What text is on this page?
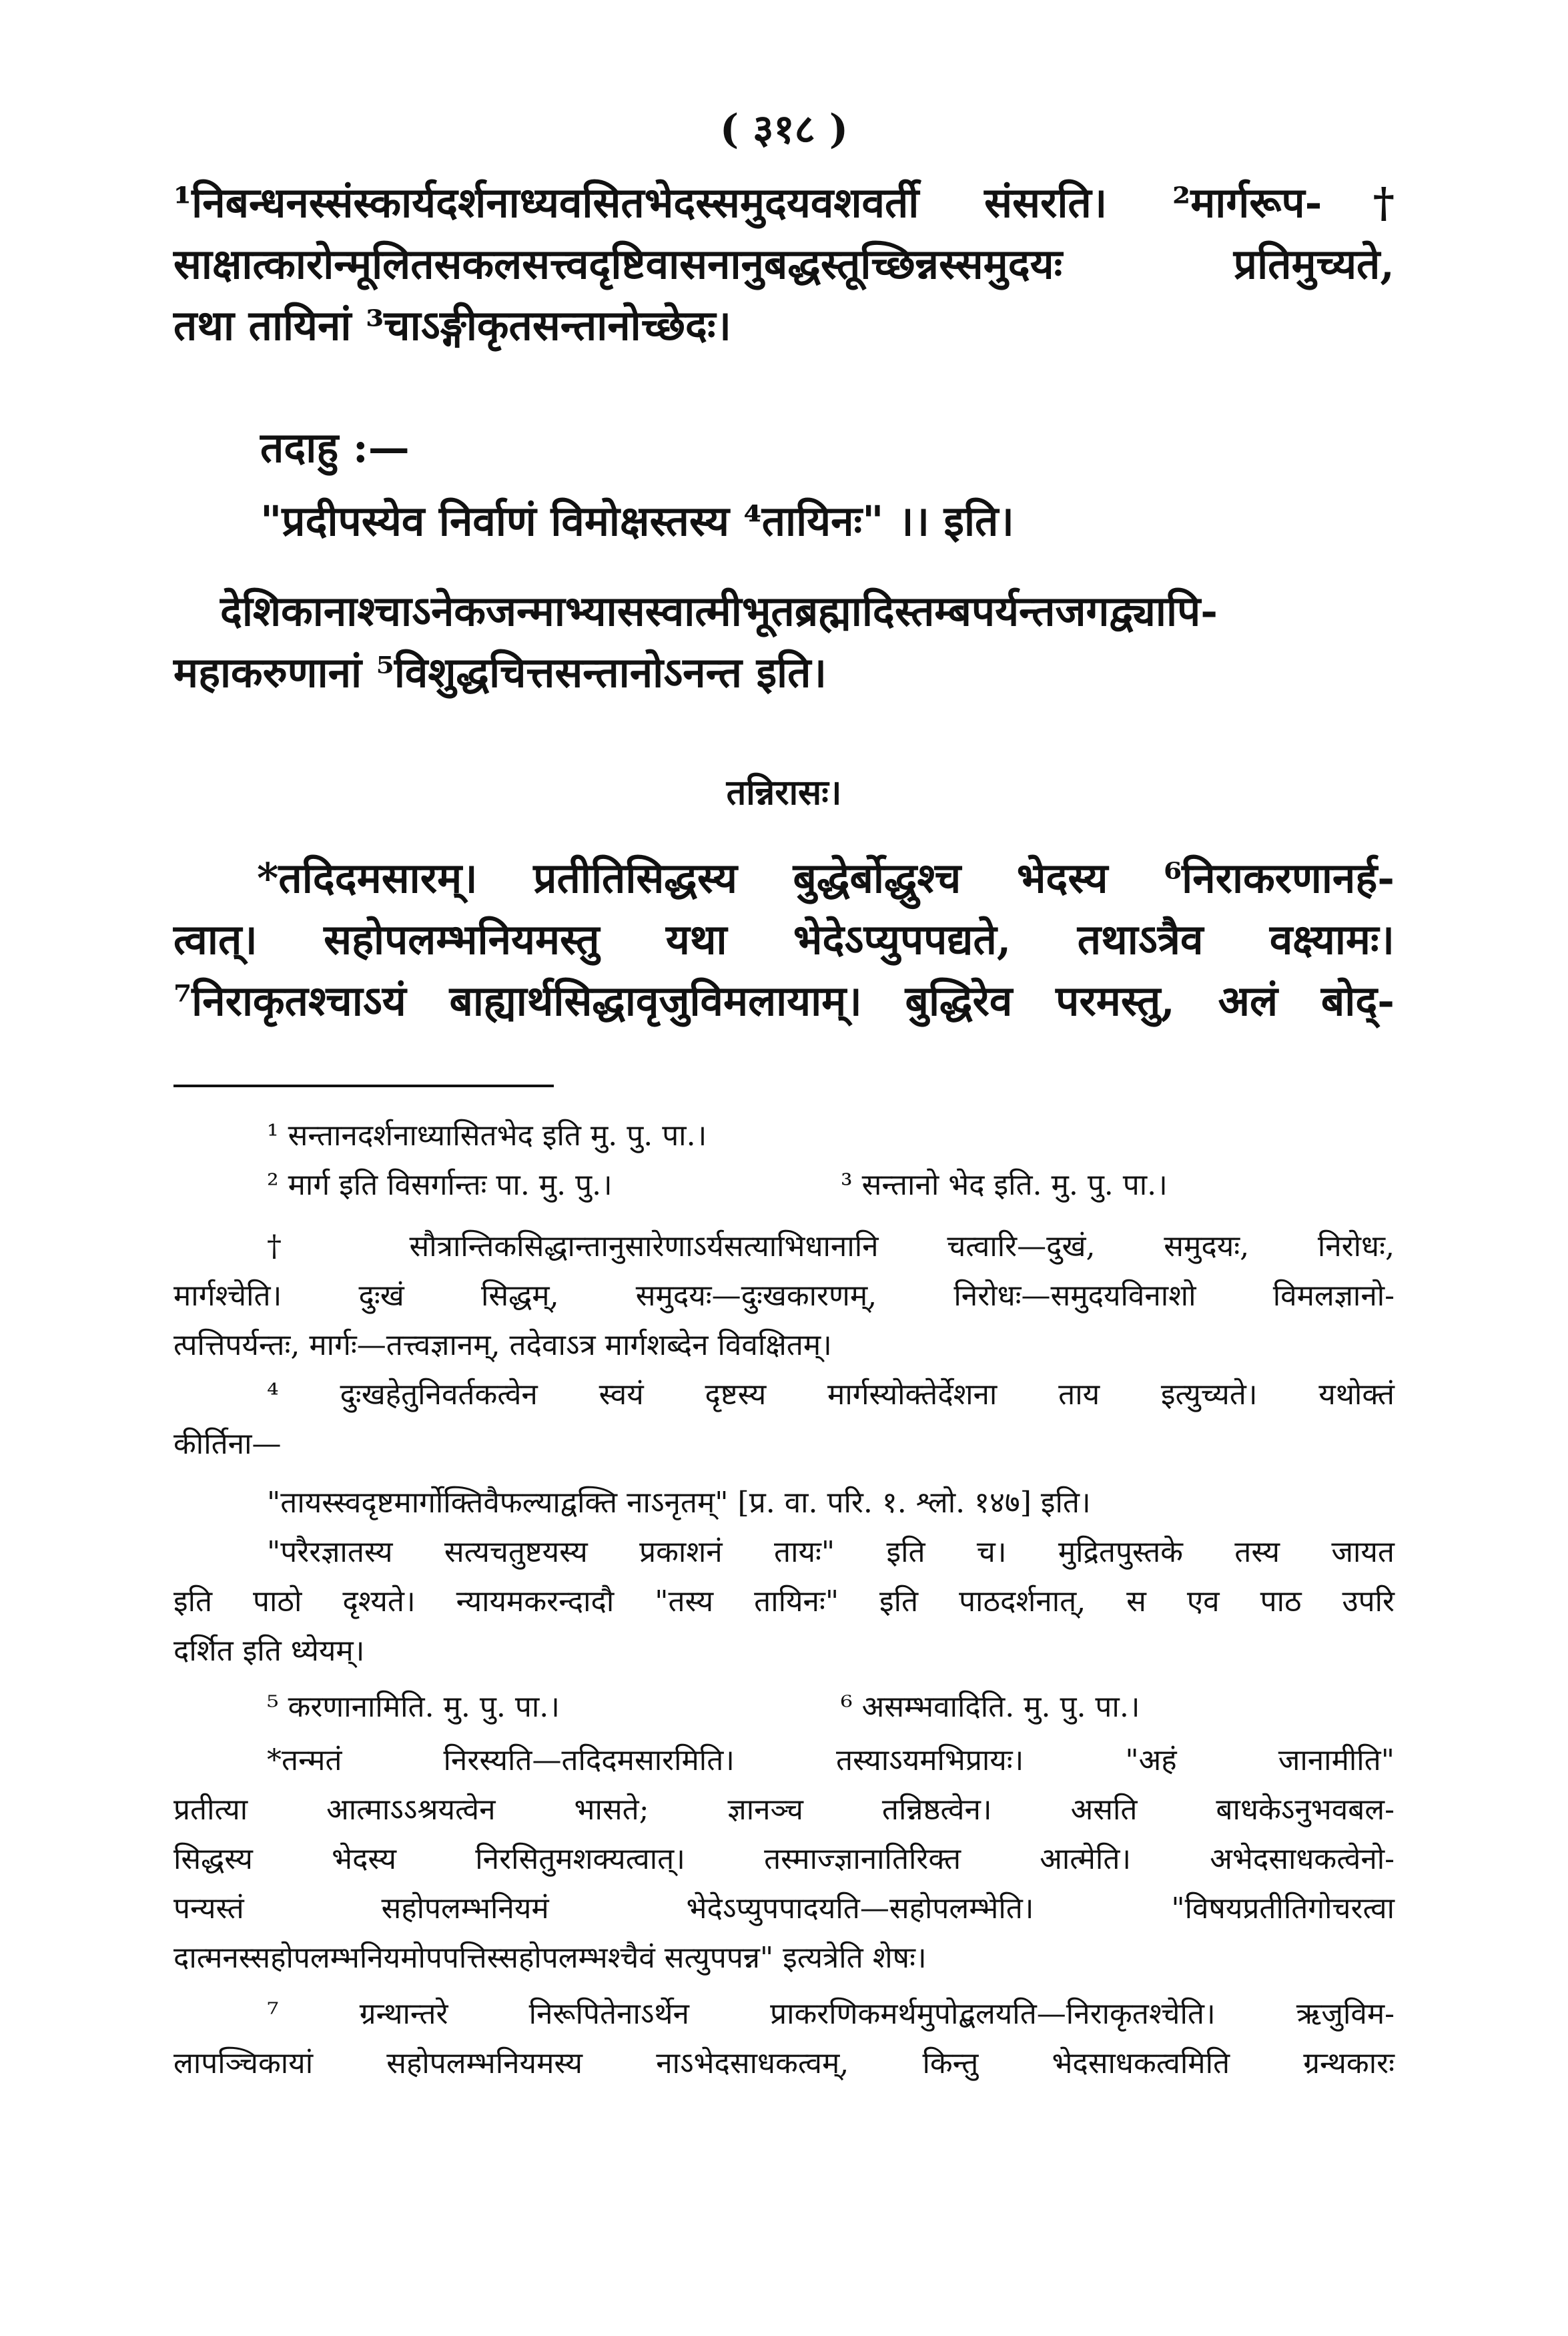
( ३१८ )
¹निबन्धनस्संस्कार्यदर्शनाध्यवसितभेदस्समुदयवशवर्ती संसरति। ²मार्गरूप-†
साक्षात्कारोन्मूलितसकलसत्त्वदृष्टिवासनानुबद्धस्तूच्छिन्नस्समुदयः प्रतिमुच्यते,
तथा तायिनां ³चाऽङ्गीकृतसन्तानोच्छेदः।
तदाहु :—
"प्रदीपस्येव निर्वाणं विमोक्षस्तस्य ⁴तायिनः" ।। इति।
देशिकानाश्चाऽनेकजन्माभ्यासस्वात्मीभूतब्रह्मादिस्तम्बपर्यन्तजगद्व्यापि-
महाकरुणानां ⁵विशुद्धचित्तसन्तानोऽनन्त इति।
तन्निरासः।
*तदिदमसारम्। प्रतीतिसिद्धस्य बुद्धेर्बोद्धुश्च भेदस्य ⁶निराकरणानर्ह-
त्वात्। सहोपलम्भनियमस्तु यथा भेदेऽप्युपपद्यते, तथाऽत्रैव वक्ष्यामः।
⁷निराकृतश्चाऽयं बाह्यार्थसिद्धावृजुविमलायाम्। बुद्धिरेव परमस्तु, अलं बोद्-
¹ सन्तानदर्शनाध्यासितभेद इति मु. पु. पा.।
² मार्ग इति विसर्गान्तः पा. मु. पु.।	³ सन्तानो भेद इति. मु. पु. पा.।
† सौत्रान्तिकसिद्धान्तानुसारेणाऽर्यसत्याभिधानानि चत्वारि—दुखं, समुदयः, निरोधः,
मार्गश्चेति। दुःखं सिद्धम्, समुदयः—दुःखकारणम्, निरोधः—समुदयविनाशो विमलज्ञानो-
त्पत्तिपर्यन्तः, मार्गः—तत्त्वज्ञानम्, तदेवाऽत्र मार्गशब्देन विवक्षितम्।
⁴ दुःखहेतुनिवर्तकत्वेन स्वयं दृष्टस्य मार्गस्योक्तेर्देशना ताय इत्युच्यते। यथोक्तं
कीर्तिना—
"तायस्स्वदृष्टमार्गोक्तिवैफल्याद्वक्ति नाऽनृतम्" [प्र. वा. परि. १. श्लो. १४७] इति।
"परैरज्ञातस्य सत्यचतुष्टयस्य प्रकाशनं तायः" इति च। मुद्रितपुस्तके तस्य जायत
इति पाठो दृश्यते। न्यायमकरन्दादौ "तस्य तायिनः" इति पाठदर्शनात्, स एव पाठ उपरि
दर्शित इति ध्येयम्।
⁵ करणानामिति. मु. पु. पा.।	⁶ असम्भवादिति. मु. पु. पा.।
*तन्मतं निरस्यति—तदिदमसारमिति। तस्याऽयमभिप्रायः। "अहं जानामीति"
प्रतीत्या आत्माऽऽश्रयत्वेन भासते; ज्ञानञ्च तन्निष्ठत्वेन। असति बाधकेऽनुभवबल-
सिद्धस्य भेदस्य निरसितुमशक्यत्वात्। तस्माज्ज्ञानातिरिक्त आत्मेति। अभेदसाधकत्वेनो-
पन्यस्तं सहोपलम्भनियमं भेदेऽप्युपपादयति—सहोपलम्भेति। "विषयप्रतीतिगोचरत्वा
दात्मनस्सहोपलम्भनियमोपपत्तिस्सहोपलम्भश्चैवं सत्युपपन्न" इत्यत्रेति शेषः।
⁷ ग्रन्थान्तरे निरूपितेनाऽर्थेन प्राकरणिकमर्थमुपोद्बलयति—निराकृतश्चेति। ऋजुविम-
लापञ्चिकायां सहोपलम्भनियमस्य नाऽभेदसाधकत्वम्, किन्तु भेदसाधकत्वमिति ग्रन्थकारः
